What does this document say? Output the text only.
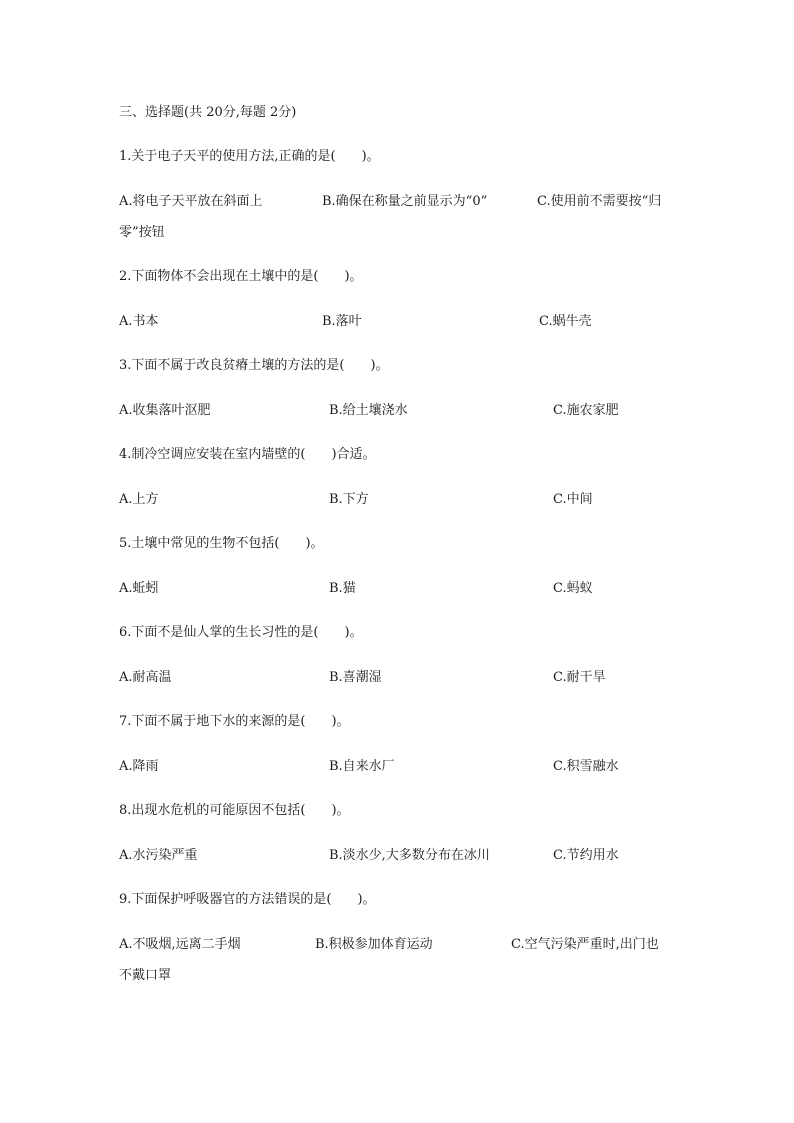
三、选择题(共 20分,每题 2分)
1.关于电子天平的使用方法,正确的是(　　)。
A.将电子天平放在斜面上	B.确保在称量之前显示为“0”	C.使用前不需要按“归
零”按钮
2.下面物体不会出现在土壤中的是(　　)。
A.书本	B.落叶	C.蜗牛壳
3.下面不属于改良贫瘠土壤的方法的是(　　)。
A.收集落叶沤肥	B.给土壤浇水	C.施农家肥
4.制冷空调应安装在室内墙壁的(　　)合适。
A.上方	B.下方	C.中间
5.土壤中常见的生物不包括(　　)。
A.蚯蚓	B.猫	C.蚂蚁
6.下面不是仙人掌的生长习性的是(　　)。
A.耐高温	B.喜潮湿	C.耐干旱
7.下面不属于地下水的来源的是(　　)。
A.降雨	B.自来水厂	C.积雪融水
8.出现水危机的可能原因不包括(　　)。
A.水污染严重	B.淡水少,大多数分布在冰川	C.节约用水
9.下面保护呼吸器官的方法错误的是(　　)。
A.不吸烟,远离二手烟	B.积极参加体育运动	C.空气污染严重时,出门也
不戴口罩
